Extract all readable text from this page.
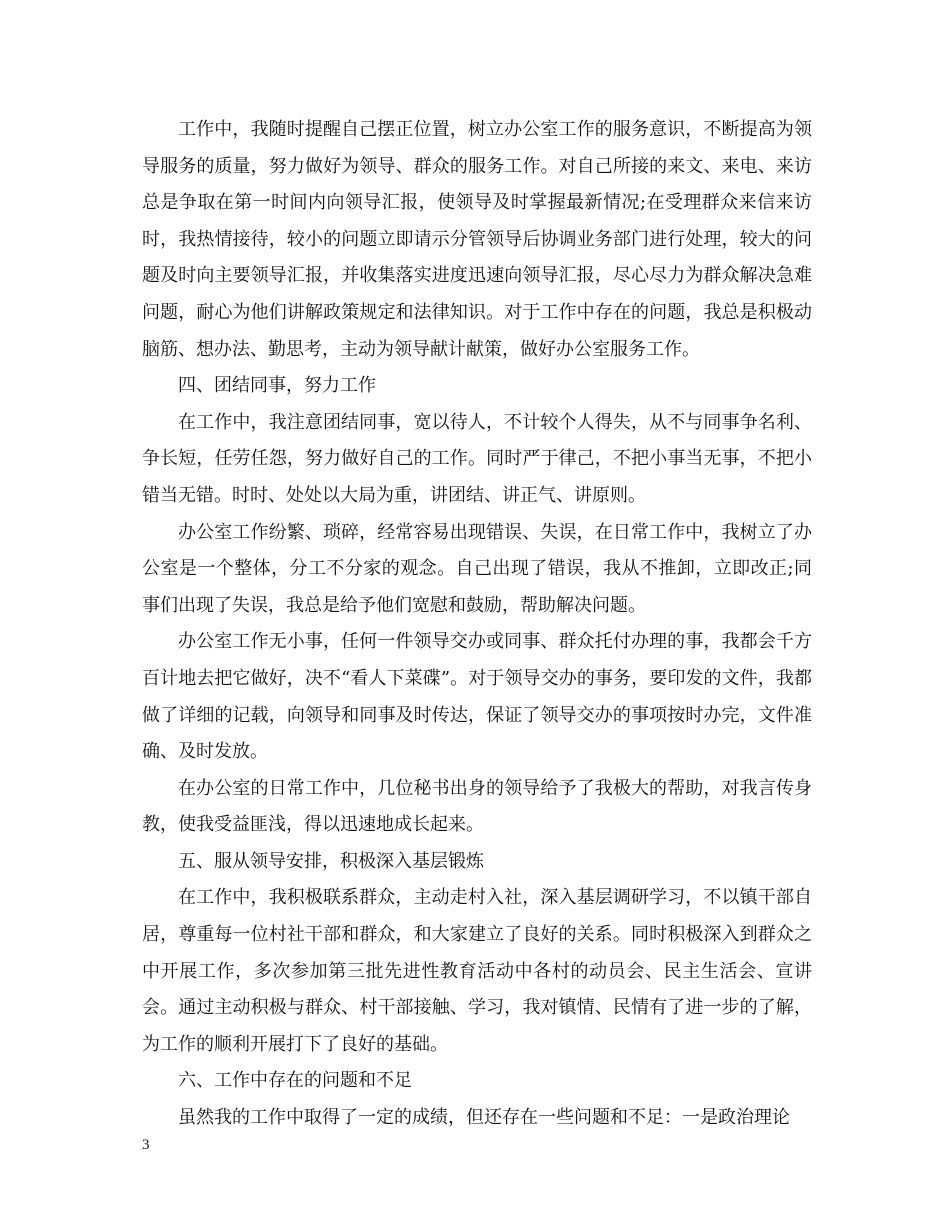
工作中，我随时提醒自己摆正位置，树立办公室工作的服务意识，不断提高为领导服务的质量，努力做好为领导、群众的服务工作。对自己所接的来文、来电、来访总是争取在第一时间内向领导汇报，使领导及时掌握最新情况;在受理群众来信来访时，我热情接待，较小的问题立即请示分管领导后协调业务部门进行处理，较大的问题及时向主要领导汇报，并收集落实进度迅速向领导汇报，尽心尽力为群众解决急难问题，耐心为他们讲解政策规定和法律知识。对于工作中存在的问题，我总是积极动脑筋、想办法、勤思考，主动为领导献计献策，做好办公室服务工作。

四、团结同事，努力工作

在工作中，我注意团结同事，宽以待人，不计较个人得失，从不与同事争名利、争长短，任劳任怨，努力做好自己的工作。同时严于律己，不把小事当无事，不把小错当无错。时时、处处以大局为重，讲团结、讲正气、讲原则。

办公室工作纷繁、琐碎，经常容易出现错误、失误，在日常工作中，我树立了办公室是一个整体，分工不分家的观念。自己出现了错误，我从不推卸，立即改正;同事们出现了失误，我总是给予他们宽慰和鼓励，帮助解决问题。

办公室工作无小事，任何一件领导交办或同事、群众托付办理的事，我都会千方百计地去把它做好，决不“看人下菜碟”。对于领导交办的事务，要印发的文件，我都做了详细的记载，向领导和同事及时传达，保证了领导交办的事项按时办完，文件准确、及时发放。

在办公室的日常工作中，几位秘书出身的领导给予了我极大的帮助，对我言传身教，使我受益匪浅，得以迅速地成长起来。

五、服从领导安排，积极深入基层锻炼

在工作中，我积极联系群众，主动走村入社，深入基层调研学习，不以镇干部自居，尊重每一位村社干部和群众，和大家建立了良好的关系。同时积极深入到群众之中开展工作，多次参加第三批先进性教育活动中各村的动员会、民主生活会、宣讲会。通过主动积极与群众、村干部接触、学习，我对镇情、民情有了进一步的了解，为工作的顺利开展打下了良好的基础。

六、工作中存在的问题和不足

虽然我的工作中取得了一定的成绩，但还存在一些问题和不足：一是政治理论

3
